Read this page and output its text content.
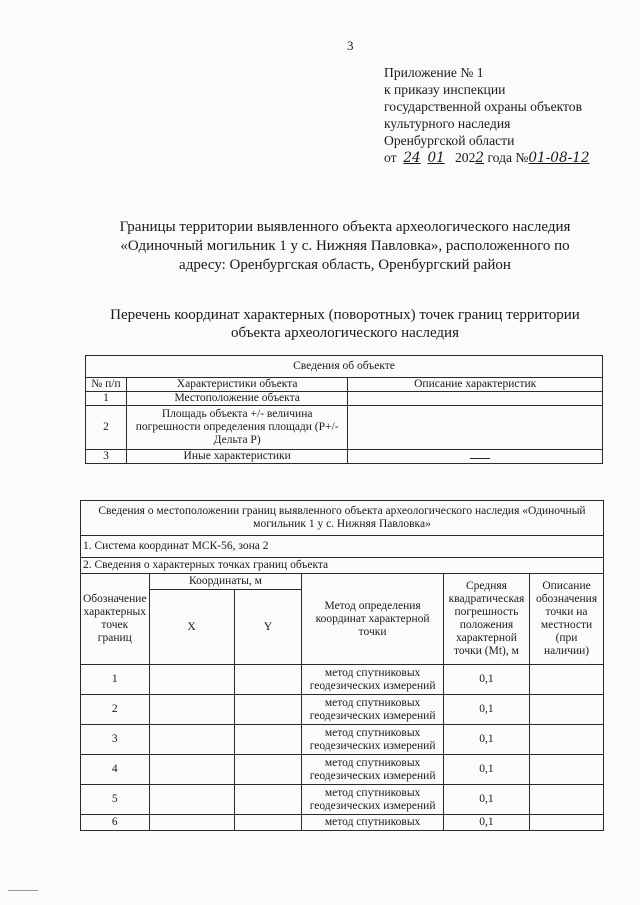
3
Приложение № 1
к приказу инспекции
государственной охраны объектов
культурного наследия
Оренбургской области
от 24 01 2022 года №01-08-12
Границы территории выявленного объекта археологического наследия
«Одиночный могильник 1 у с. Нижняя Павловка», расположенного по
адресу: Оренбургская область, Оренбургский район
Перечень координат характерных (поворотных) точек границ территории
объекта археологического наследия
Сведения об объекте		
№ п/п	Характеристики объекта	Описание характеристик
1	Местоположение объекта	
2	Площадь объекта +/- величина погрешности определения площади (P+/- Дельта P)	
3	Иные характеристики	
Сведения о местоположении границ выявленного объекта археологического наследия «Одиночный могильник 1 у с. Нижняя Павловка»					
1. Система координат МСК-56, зона 2					
2. Сведения о характерных точках границ объекта					
Обозначение характерных точек границ	Координаты, м		Метод определения координат характерной точки	Средняя квадратическая погрешность положения характерной точки (Mt), м	Описание обозначения точки на местности (при наличии)
	X	Y			
1			метод спутниковых геодезических измерений	0,1	
2			метод спутниковых геодезических измерений	0,1	
3			метод спутниковых геодезических измерений	0,1	
4			метод спутниковых геодезических измерений	0,1	
5			метод спутниковых геодезических измерений	0,1	
6			метод спутниковых	0,1	
